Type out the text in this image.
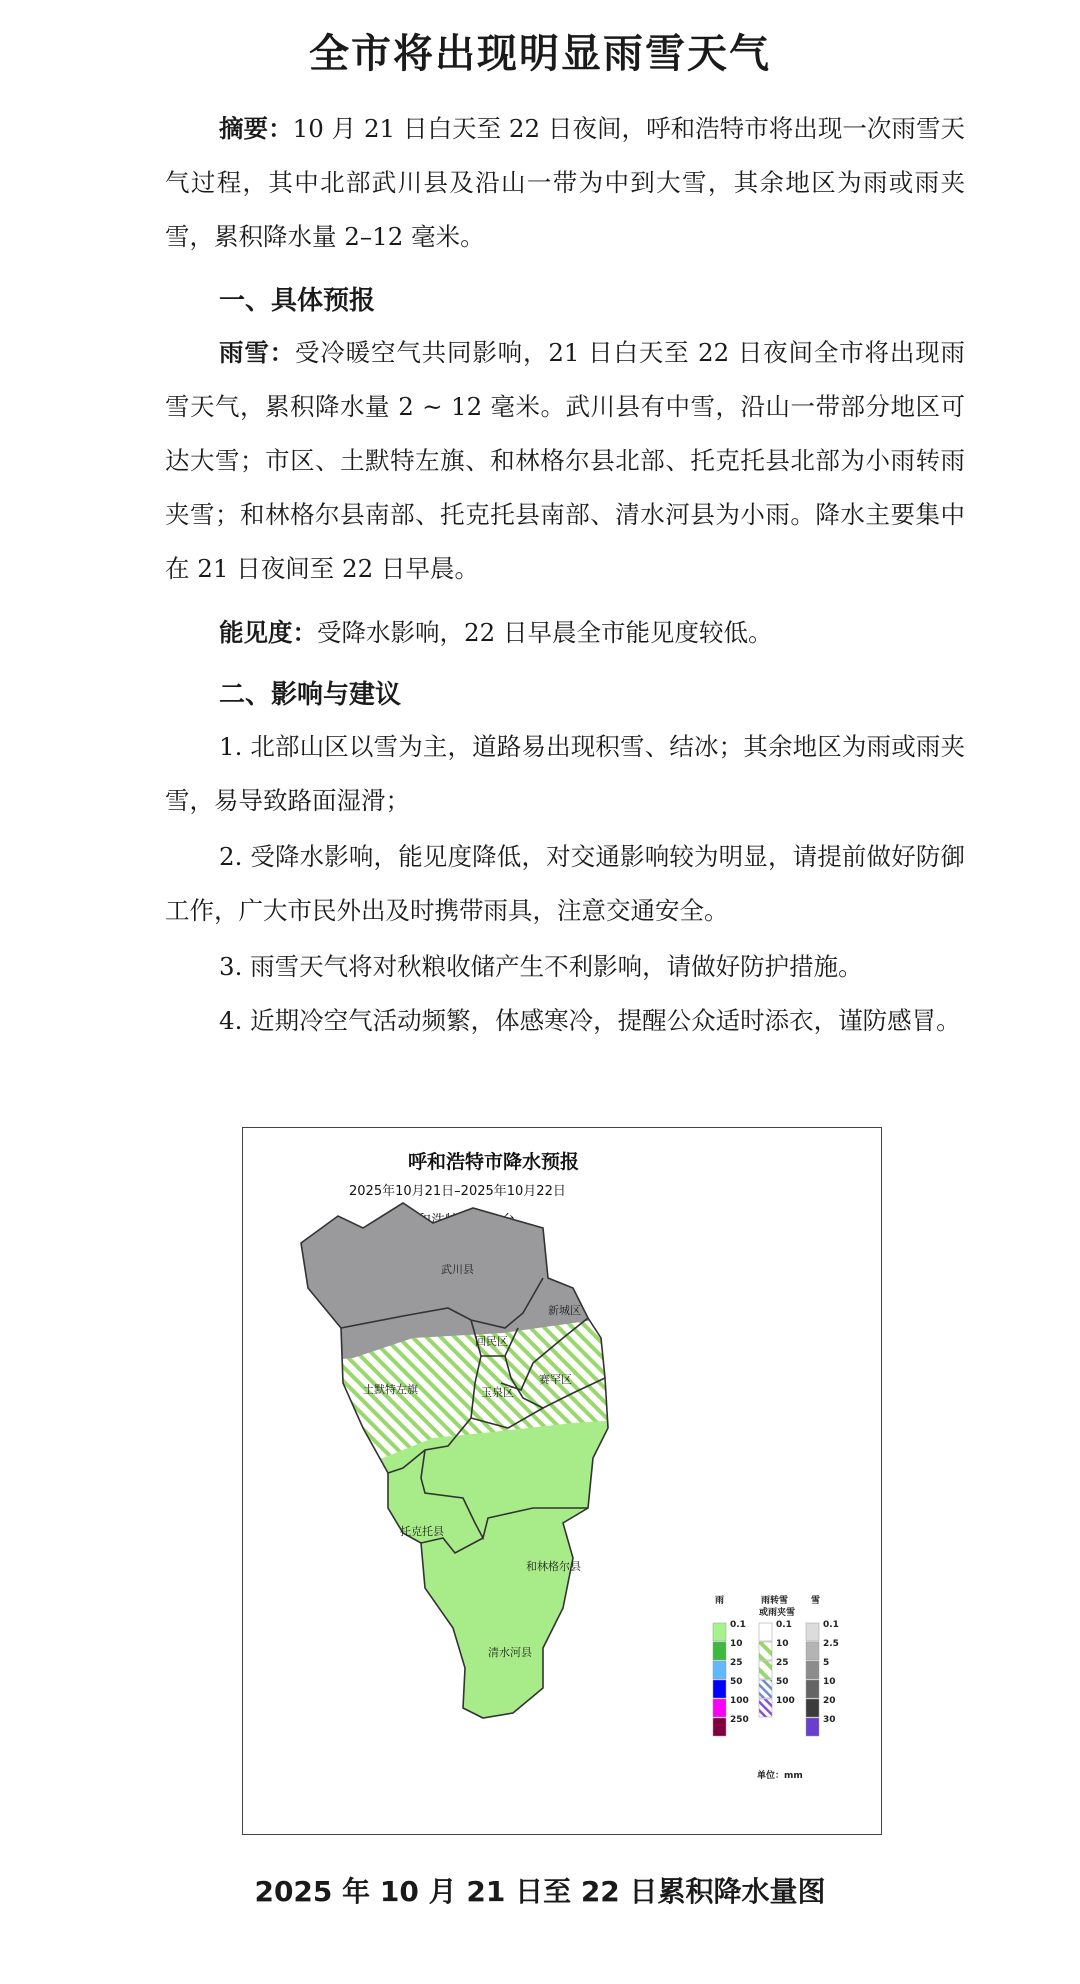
全市将出现明显雨雪天气

摘要：10 月 21 日白天至 22 日夜间，呼和浩特市将出现一次雨雪天气过程，其中北部武川县及沿山一带为中到大雪，其余地区为雨或雨夹雪，累积降水量 2–12 毫米。

一、具体预报

雨雪：受冷暖空气共同影响，21 日白天至 22 日夜间全市将出现雨雪天气，累积降水量 2 ~ 12 毫米。武川县有中雪，沿山一带部分地区可达大雪；市区、土默特左旗、和林格尔县北部、托克托县北部为小雨转雨夹雪；和林格尔县南部、托克托县南部、清水河县为小雨。降水主要集中在 21 日夜间至 22 日早晨。

能见度：受降水影响，22 日早晨全市能见度较低。

二、影响与建议

1. 北部山区以雪为主，道路易出现积雪、结冰；其余地区为雨或雨夹雪，易导致路面湿滑；

2. 受降水影响，能见度降低，对交通影响较为明显，请提前做好防御工作，广大市民外出及时携带雨具，注意交通安全。

3. 雨雪天气将对秋粮收储产生不利影响，请做好防护措施。

4. 近期冷空气活动频繁，体感寒冷，提醒公众适时添衣，谨防感冒。

呼和浩特市降水预报
2025年10月21日–2025年10月22日
武川县
新城区
回民区
土默特左旗	玉泉区
赛罕区
托克托县
和林格尔县
清水河县
雨	雨转雪
或雨夹雪
雪
0.1
10
25
50
100
250
0.1
10
25
50
100
0.1
2.5
5
10
20
30
单位：mm

2025 年 10 月 21 日至 22 日累积降水量图
